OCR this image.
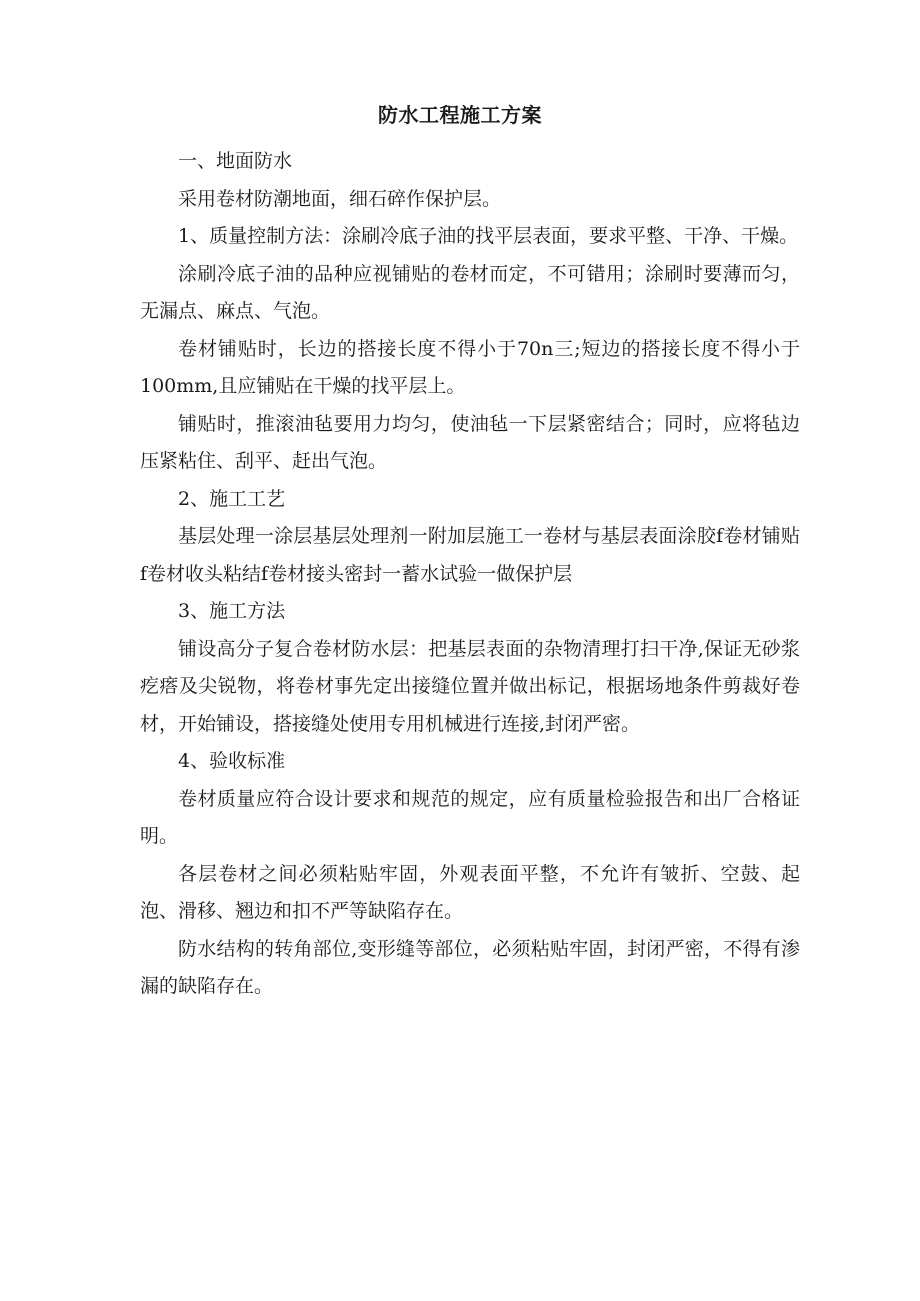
防水工程施工方案

一、地面防水

采用卷材防潮地面，细石碎作保护层。

1、质量控制方法：涂刷冷底子油的找平层表面，要求平整、干净、干燥。

涂刷冷底子油的品种应视铺贴的卷材而定，不可错用；涂刷时要薄而匀，无漏点、麻点、气泡。

卷材铺贴时，长边的搭接长度不得小于70n三;短边的搭接长度不得小于100mm,且应铺贴在干燥的找平层上。

铺贴时，推滚油毡要用力均匀，使油毡一下层紧密结合；同时，应将毡边压紧粘住、刮平、赶出气泡。

2、施工工艺

基层处理一涂层基层处理剂一附加层施工一卷材与基层表面涂胶f卷材铺贴f卷材收头粘结f卷材接头密封一蓄水试验一做保护层

3、施工方法

铺设高分子复合卷材防水层：把基层表面的杂物清理打扫干净,保证无砂浆疙瘩及尖锐物，将卷材事先定出接缝位置并做出标记，根据场地条件剪裁好卷材，开始铺设，搭接缝处使用专用机械进行连接,封闭严密。

4、验收标准

卷材质量应符合设计要求和规范的规定，应有质量检验报告和出厂合格证明。

各层卷材之间必须粘贴牢固，外观表面平整，不允许有皱折、空鼓、起泡、滑移、翘边和扣不严等缺陷存在。

防水结构的转角部位,变形缝等部位，必须粘贴牢固，封闭严密，不得有渗漏的缺陷存在。
